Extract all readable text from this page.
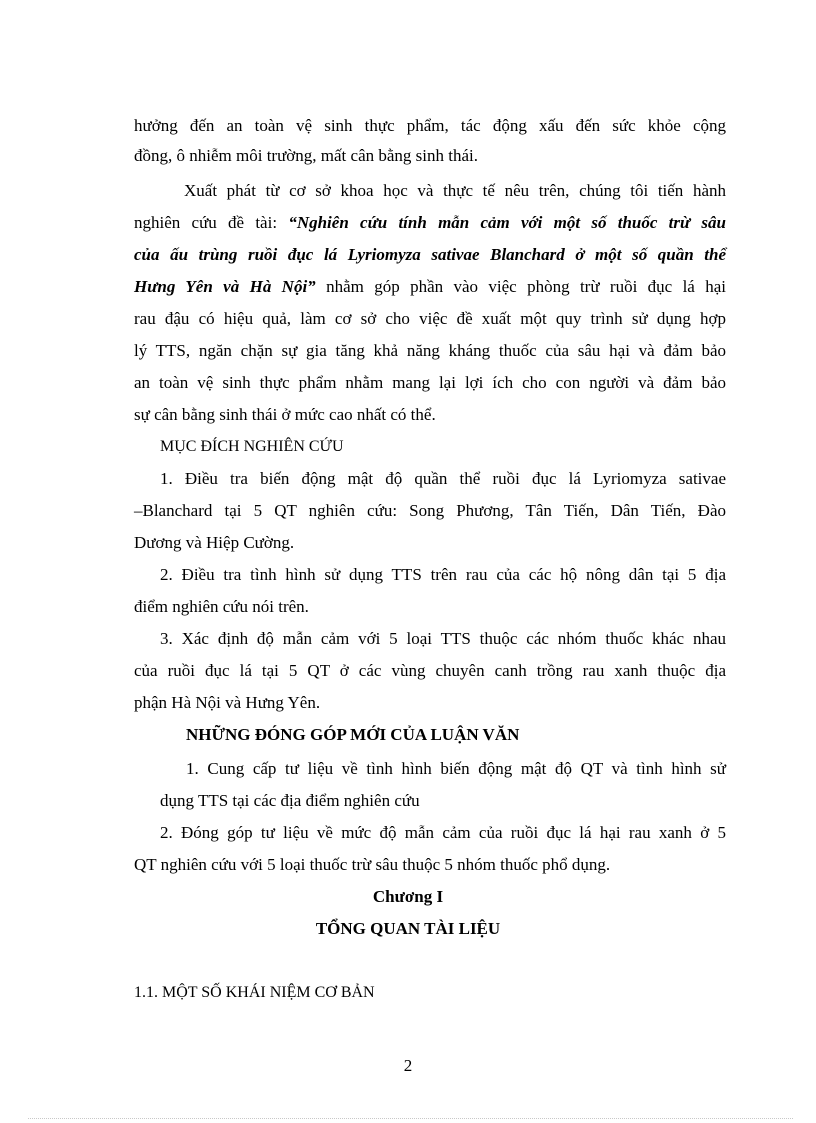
hưởng đến an toàn vệ sinh thực phẩm, tác động xấu đến sức khỏe cộng
đồng, ô nhiễm môi trường, mất cân bằng sinh thái.
Xuất phát từ cơ sở khoa học và thực tế nêu trên, chúng tôi tiến hành
nghiên cứu đề tài: “Nghiên cứu tính mẫn cảm với một số thuốc trừ sâu
của ấu trùng ruồi đục lá Lyriomyza sativae Blanchard ở một số quần thể
Hưng Yên và Hà Nội” nhằm góp phần vào việc phòng trừ ruồi đục lá hại
rau đậu có hiệu quả, làm cơ sở cho việc đề xuất một quy trình sử dụng hợp
lý TTS, ngăn chặn sự gia tăng khả năng kháng thuốc của sâu hại và đảm bảo
an toàn vệ sinh thực phẩm nhằm mang lại lợi ích cho con người và đảm bảo
sự cân bằng sinh thái ở mức cao nhất có thể.
MỤC ĐÍCH NGHIÊN CỨU
1. Điều tra biến động mật độ quần thể ruồi đục lá Lyriomyza sativae
–Blanchard tại 5 QT nghiên cứu: Song Phương, Tân Tiến, Dân Tiến, Đào
Dương và Hiệp Cường.
2. Điều tra tình hình sử dụng TTS trên rau của các hộ nông dân tại 5 địa
điểm nghiên cứu nói trên.
3. Xác định độ mẫn cảm với 5 loại TTS thuộc các nhóm thuốc khác nhau
của ruồi đục lá tại 5 QT ở các vùng chuyên canh trồng rau xanh thuộc địa
phận Hà Nội và Hưng Yên.
NHỮNG ĐÓNG GÓP MỚI CỦA LUẬN VĂN
1. Cung cấp tư liệu về tình hình biến động mật độ QT và tình hình sử
dụng TTS tại các địa điểm nghiên cứu
2. Đóng góp tư liệu về mức độ mẫn cảm của ruồi đục lá hại rau xanh ở 5
QT nghiên cứu với 5 loại thuốc trừ sâu thuộc 5 nhóm thuốc phổ dụng.
Chương I
TỔNG QUAN TÀI LIỆU
1.1. MỘT SỐ KHÁI NIỆM CƠ BẢN
2
